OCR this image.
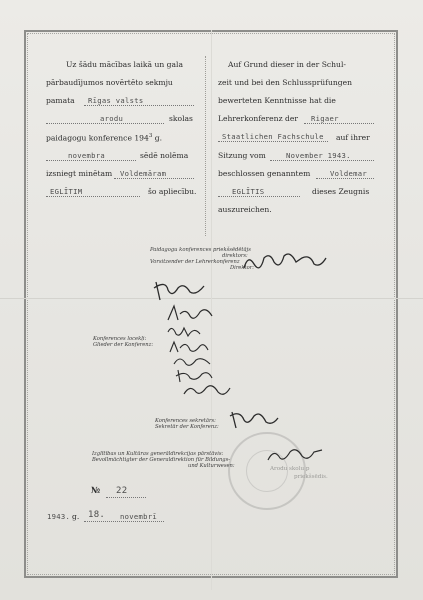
Uz šādu mācības laikā un gala
pārbaudījumos novērtēto sekmju
pamata Rīgas valsts
arodu	skolas
paidagogu konference $194^3$ g.
novembra	sēdē nolēma
izsniegt minētam Voldemāram
EGLĪTIM	šo apliecību.
Auf Grund dieser in der Schul-
zeit und bei den Schlussprüfungen
bewerteten Kenntnisse hat die
Lehrerkonferenz der Rigaer
Staatlichen Fachschule auf ihrer
Sitzung vom	November 1943.
beschlossen genanntem	Voldemar
EGLĪTIS	dieses Zeugnis
auszureichen.
Paidagogu konferences priekšsēdētājs
direktors:
Vorsitzender der Lehrerkonferenz
Direktor:
Konferences locekļi:
Glieder der Konferenz:
Konferences sekretārs:
Sekretär der Konferenz:
Izglītības un Kultūras generāldirekcijas pārstāvis:
Bevollmächtigter der Generaldirektion für Bildungs-
und Kulturwesen:	Arodu skolu p
priekšsēdis.
№ 22
1943. g. 18. novembrī
